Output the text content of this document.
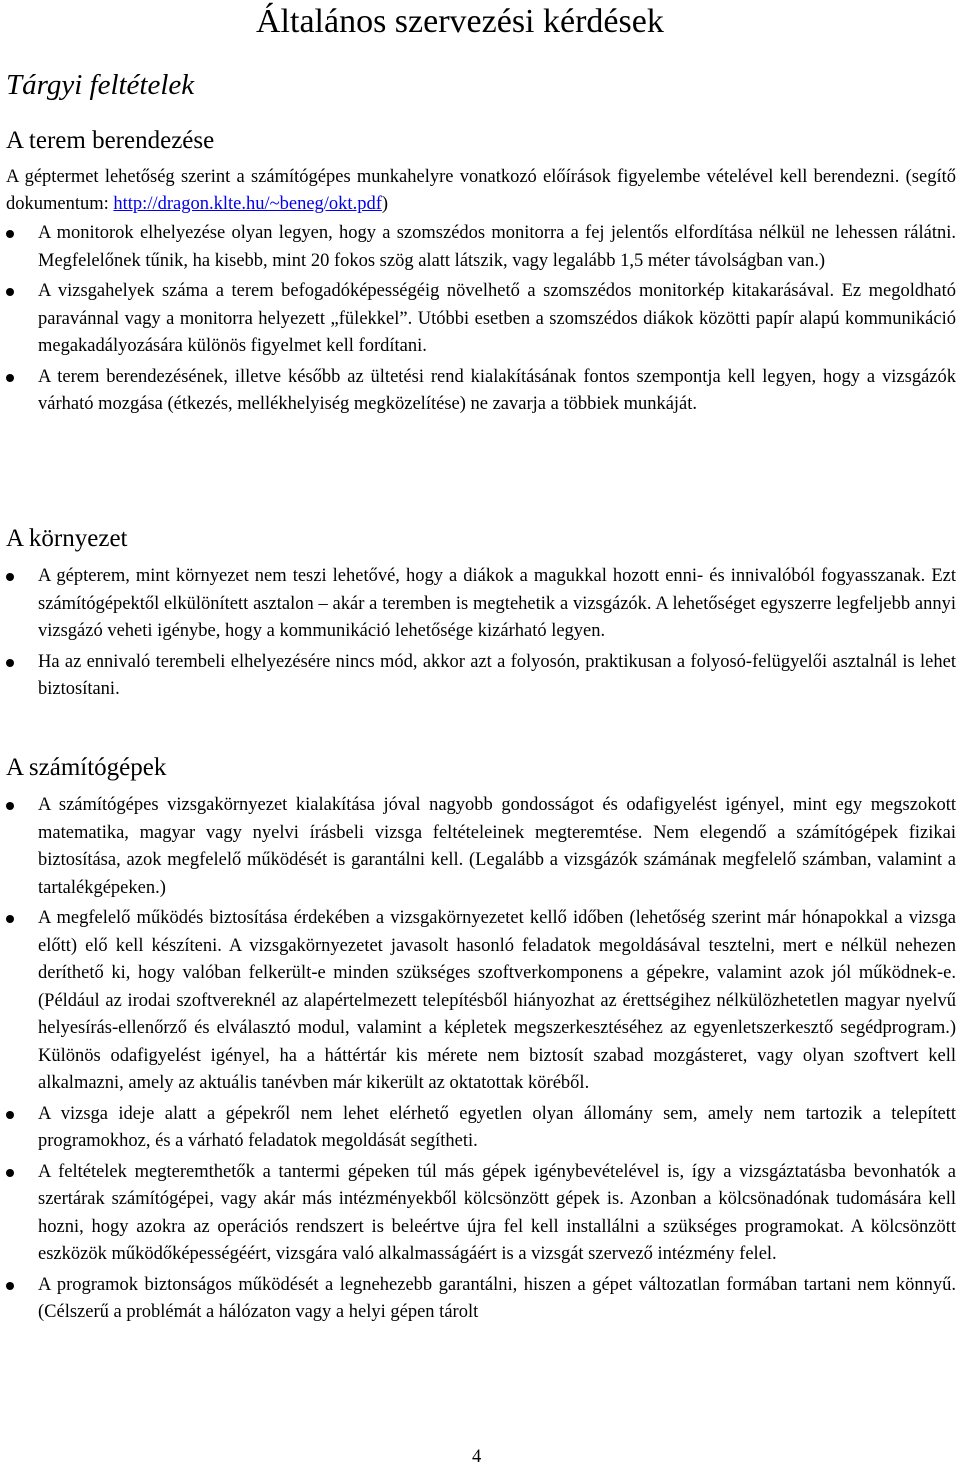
Általános szervezési kérdések
Tárgyi feltételek
A terem berendezése

A géptermet lehetőség szerint a számítógépes munkahelyre vonatkozó előírások figyelembe vételével kell berendezni. (segítő dokumentum: http://dragon.klte.hu/~beneg/okt.pdf)

A monitorok elhelyezése olyan legyen, hogy a szomszédos monitorra a fej jelentős elfordítása nélkül ne lehessen rálátni. Megfelelőnek tűnik, ha kisebb, mint 20 fokos szög alatt látszik, vagy legalább 1,5 méter távolságban van.)
A vizsgahelyek száma a terem befogadóképességéig növelhető a szomszédos monitorkép kitakarásával. Ez megoldható paravánnal vagy a monitorra helyezett „fülekkel”. Utóbbi esetben a szomszédos diákok közötti papír alapú kommunikáció megakadályozására különös figyelmet kell fordítani.
A terem berendezésének, illetve később az ültetési rend kialakításának fontos szempontja kell legyen, hogy a vizsgázók várható mozgása (étkezés, mellékhelyiség megközelítése) ne zavarja a többiek munkáját.
A környezet
A gépterem, mint környezet nem teszi lehetővé, hogy a diákok a magukkal hozott enni- és innivalóból fogyasszanak. Ezt számítógépektől elkülönített asztalon – akár a teremben is megtehetik a vizsgázók. A lehetőséget egyszerre legfeljebb annyi vizsgázó veheti igénybe, hogy a kommunikáció lehetősége kizárható legyen.
Ha az ennivaló terembeli elhelyezésére nincs mód, akkor azt a folyosón, praktikusan a folyosó-felügyelői asztalnál is lehet biztosítani.
A számítógépek
A számítógépes vizsgakörnyezet kialakítása jóval nagyobb gondosságot és odafigyelést igényel, mint egy megszokott matematika, magyar vagy nyelvi írásbeli vizsga feltételeinek megteremtése. Nem elegendő a számítógépek fizikai biztosítása, azok megfelelő működését is garantálni kell. (Legalább a vizsgázók számának megfelelő számban, valamint a tartalékgépeken.)
A megfelelő működés biztosítása érdekében a vizsgakörnyezetet kellő időben (lehetőség szerint már hónapokkal a vizsga előtt) elő kell készíteni. A vizsgakörnyezetet javasolt hasonló feladatok megoldásával tesztelni, mert e nélkül nehezen deríthető ki, hogy valóban felkerült-e minden szükséges szoftverkomponens a gépekre, valamint azok jól működnek-e. (Például az irodai szoftvereknél az alapértelmezett telepítésből hiányozhat az érettségihez nélkülözhetetlen magyar nyelvű helyesírás-ellenőrző és elválasztó modul, valamint a képletek megszerkesztéséhez az egyenletszerkesztő segédprogram.) Különös odafigyelést igényel, ha a háttértár kis mérete nem biztosít szabad mozgásteret, vagy olyan szoftvert kell alkalmazni, amely az aktuális tanévben már kikerült az oktatottak köréből.
A vizsga ideje alatt a gépekről nem lehet elérhető egyetlen olyan állomány sem, amely nem tartozik a telepített programokhoz, és a várható feladatok megoldását segítheti.
A feltételek megteremthetők a tantermi gépeken túl más gépek igénybevételével is, így a vizsgáztatásba bevonhatók a szertárak számítógépei, vagy akár más intézményekből kölcsönzött gépek is. Azonban a kölcsönadónak tudomására kell hozni, hogy azokra az operációs rendszert is beleértve újra fel kell installálni a szükséges programokat. A kölcsönzött eszközök működőképességéért, vizsgára való alkalmasságáért is a vizsgát szervező intézmény felel.
A programok biztonságos működését a legnehezebb garantálni, hiszen a gépet változatlan formában tartani nem könnyű. (Célszerű a problémát a hálózaton vagy a helyi gépen tárolt

4
